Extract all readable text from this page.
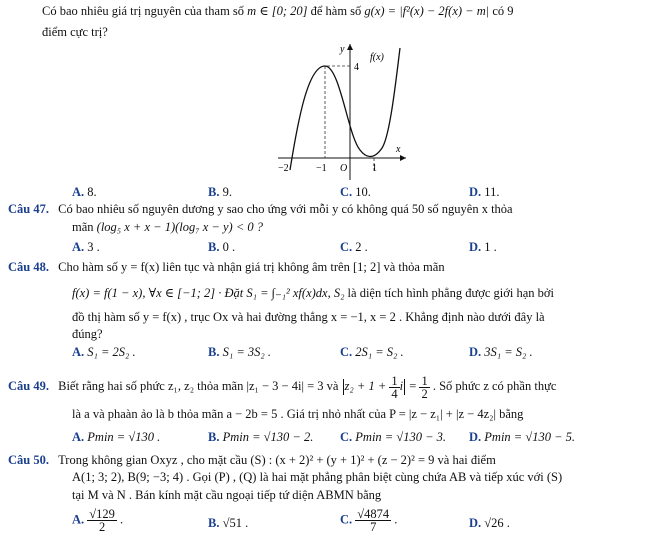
Có bao nhiêu giá trị nguyên của tham số m ∈ [0; 20] để hàm số g(x) = |f²(x) − 2f(x) − m| có 9
điểm cực trị?
y
x
f(x)
4
−2	−1 O 1
A. 8.	B. 9.	C. 10.	D. 11.
Câu 47. Có bao nhiêu số nguyên dương y sao cho ứng với mỗi y có không quá 50 số nguyên x thỏa
mãn (log₅ x + x − 1)(log₇ x − y) < 0 ?
A. 3 .	B. 0 .	C. 2 .	D. 1 .
Câu 48. Cho hàm số y = f(x) liên tục và nhận giá trị không âm trên [1; 2] và thỏa mãn
f(x) = f(1 − x), ∀x ∈ [−1; 2] · Đặt S₁ = ∫₋₁² xf(x)dx, S₂ là diện tích hình phẳng được giới hạn bởi
đồ thị hàm số y = f(x) , trục Ox và hai đường thẳng x = −1, x = 2 . Khẳng định nào dưới đây là
đúng?
A. S₁ = 2S₂ .	B. S₁ = 3S₂ .	C. 2S₁ = S₂ .	D. 3S₁ = S₂ .
Câu 49. Biết rằng hai số phức z₁, z₂ thỏa mãn |z₁ − 3 − 4i| = 3 và $z_2 + 1 + \frac{1}{4}$ $i = \frac{1}{2}$ . Số phức z có phần thực
là a và phaàn ảo là b thỏa mãn a − 2b = 5 . Giá trị nhỏ nhất của P = |z − z₁| + |z − 4z₂| bằng
A. Pmin = √130 .	B. Pmin = √130 − 2. C. Pmin = √130 − 3. D. Pmin = √130 − 5.
Câu 50. Trong không gian Oxyz , cho mặt cầu (S) : (x + 2)² + (y + 1)² + (z − 2)² = 9 và hai điểm
A(1; 3; 2), B(9; −3; 4) . Gọi (P) , (Q) là hai mặt phẳng phân biệt cùng chứa AB và tiếp xúc với (S)
tại M và N . Bán kính mặt cầu ngoại tiếp tứ diện ABMN bằng
A. $\frac{√129}{2}$ .	B. √51 .	C. $\frac{√4874}{7}$ .	D. √26 .
